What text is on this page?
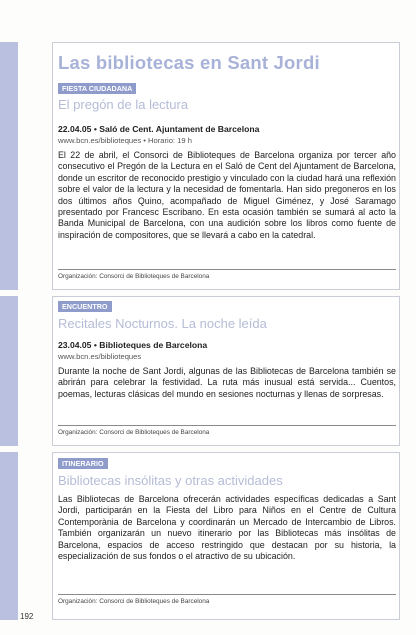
Las bibliotecas en Sant Jordi
FIESTA CIUDADANA
El pregón de la lectura
22.04.05 • Saló de Cent. Ajuntament de Barcelona
www.bcn.es/biblioteques • Horario: 19 h
El 22 de abril, el Consorci de Biblioteques de Barcelona organiza por tercer año consecutivo el Pregón de la Lectura en el Saló de Cent del Ajuntament de Barcelona, donde un escritor de reconocido prestigio y vinculado con la ciudad hará una reflexión sobre el valor de la lectura y la necesidad de fomentarla. Han sido pregoneros en los dos últimos años Quino, acompañado de Miguel Giménez, y José Saramago presentado por Francesc Escribano. En esta ocasión también se sumará al acto la Banda Municipal de Barcelona, con una audición sobre los libros como fuente de inspiración de compositores, que se llevará a cabo en la catedral.
Organización: Consorci de Biblioteques de Barcelona
ENCUENTRO
Recitales Nocturnos. La noche leída
23.04.05 • Biblioteques de Barcelona
www.bcn.es/biblioteques
Durante la noche de Sant Jordi, algunas de las Bibliotecas de Barcelona también se abrirán para celebrar la festividad. La ruta más inusual está servida... Cuentos, poemas, lecturas clásicas del mundo en sesiones nocturnas y llenas de sorpresas.
Organización: Consorci de Biblioteques de Barcelona
ITINERARIO
Bibliotecas insólitas y otras actividades
Las Bibliotecas de Barcelona ofrecerán actividades específicas dedicadas a Sant Jordi, participarán en la Fiesta del Libro para Niños en el Centre de Cultura Contemporània de Barcelona y coordinarán un Mercado de Intercambio de Libros. También organizarán un nuevo itinerario por las Bibliotecas más insólitas de Barcelona, espacios de acceso restringido que destacan por su historia, la especialización de sus fondos o el atractivo de su ubicación.
Organización: Consorci de Biblioteques de Barcelona
192
